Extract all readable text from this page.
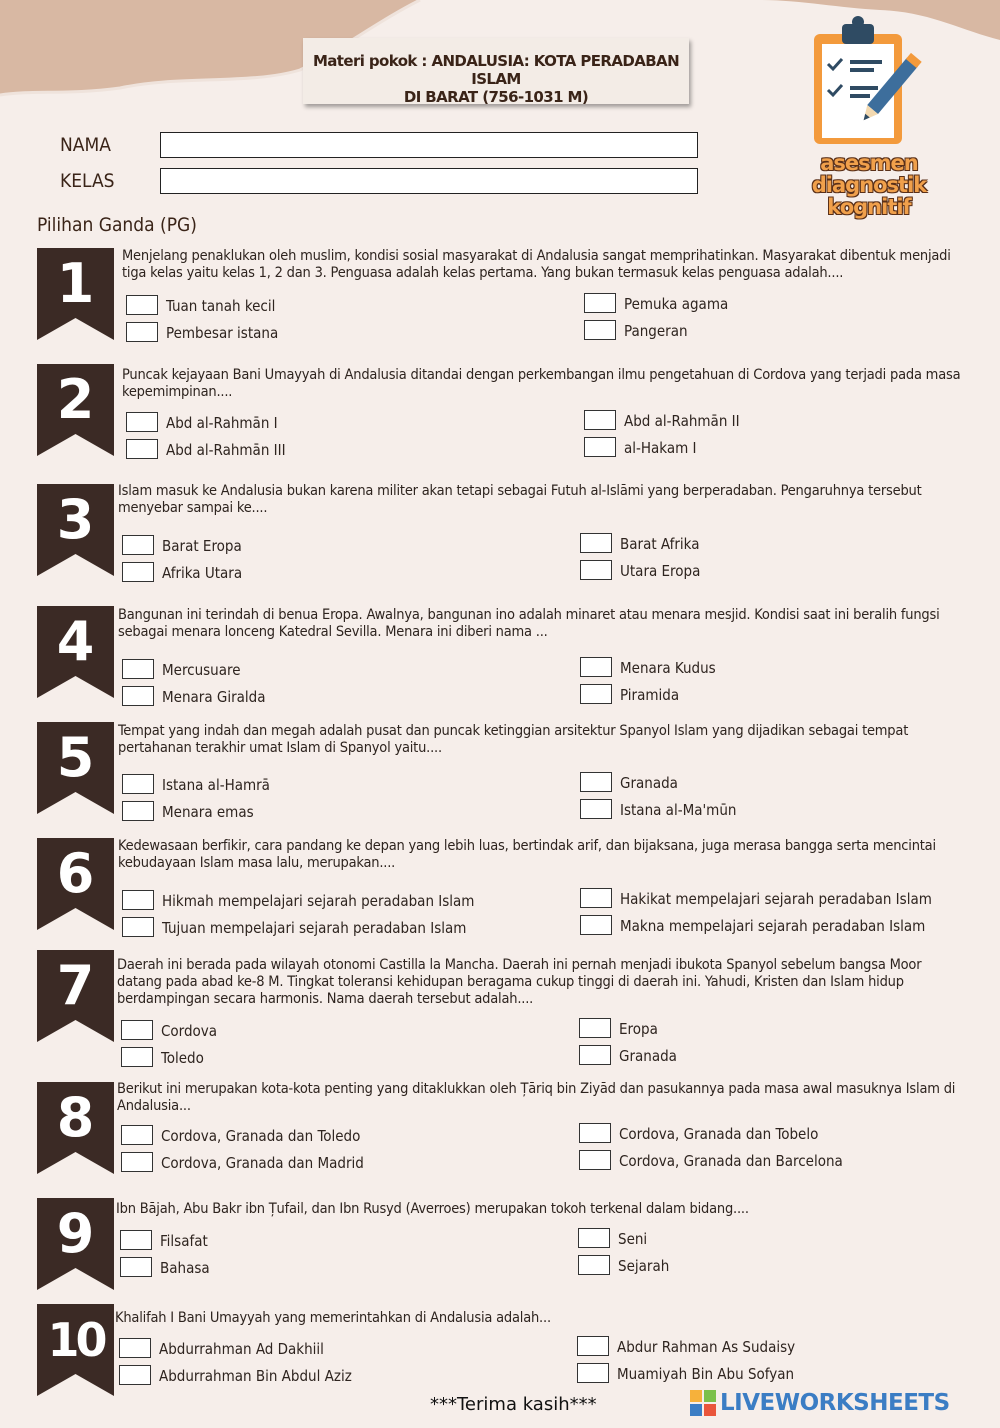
Materi pokok : ANDALUSIA: KOTA PERADABAN ISLAM
DI BARAT (756-1031 M)
asesmen diagnostik
kognitif
NAMA
KELAS
Pilihan Ganda (PG)
1	Menjelang penaklukan oleh muslim, kondisi sosial masyarakat di Andalusia sangat memprihatinkan. Masyarakat dibentuk menjadi tiga kelas yaitu kelas 1, 2 dan 3. Penguasa adalah kelas pertama. Yang bukan termasuk kelas penguasa adalah....
Tuan tanah kecil	Pemuka agama
Pembesar istana	Pangeran
2	Puncak kejayaan Bani Umayyah di Andalusia ditandai dengan perkembangan ilmu pengetahuan di Cordova yang terjadi pada masa kepemimpinan....
Abd al-Rahmān I	Abd al-Rahmān II
Abd al-Rahmān III	al-Hakam I
3	Islam masuk ke Andalusia bukan karena militer akan tetapi sebagai Futuh al-Islāmi yang berperadaban. Pengaruhnya tersebut menyebar sampai ke....
Barat Eropa	Barat Afrika
Afrika Utara	Utara Eropa
4	Bangunan ini terindah di benua Eropa. Awalnya, bangunan ino adalah minaret atau menara mesjid. Kondisi saat ini beralih fungsi sebagai menara lonceng Katedral Sevilla. Menara ini diberi nama ...
Mercusuare	Menara Kudus
Menara Giralda	Piramida
5	Tempat yang indah dan megah adalah pusat dan puncak ketinggian arsitektur Spanyol Islam yang dijadikan sebagai tempat pertahanan terakhir umat Islam di Spanyol yaitu....
Istana al-Hamrā	Granada
Menara emas	Istana al-Ma'mūn
6	Kedewasaan berfikir, cara pandang ke depan yang lebih luas, bertindak arif, dan bijaksana, juga merasa bangga serta mencintai kebudayaan Islam masa lalu, merupakan....
Hikmah mempelajari sejarah peradaban Islam	Hakikat mempelajari sejarah peradaban Islam
Tujuan mempelajari sejarah peradaban Islam	Makna mempelajari sejarah peradaban Islam
7	Daerah ini berada pada wilayah otonomi Castilla la Mancha. Daerah ini pernah menjadi ibukota Spanyol sebelum bangsa Moor datang pada abad ke-8 M. Tingkat toleransi kehidupan beragama cukup tinggi di daerah ini. Yahudi, Kristen dan Islam hidup berdampingan secara harmonis. Nama daerah tersebut adalah....
Cordova	Eropa
Toledo	Granada
8	Berikut ini merupakan kota-kota penting yang ditaklukkan oleh Țāriq bin Ziyād dan pasukannya pada masa awal masuknya Islam di Andalusia...
Cordova, Granada dan Toledo	Cordova, Granada dan Tobelo
Cordova, Granada dan Madrid	Cordova, Granada dan Barcelona
9	Ibn Bājah, Abu Bakr ibn Țufail, dan Ibn Rusyd (Averroes) merupakan tokoh terkenal dalam bidang....
Filsafat	Seni
Bahasa	Sejarah
10 Khalifah I Bani Umayyah yang memerintahkan di Andalusia adalah...
Abdurrahman Ad Dakhiil	Abdur Rahman As Sudaisy
Abdurrahman Bin Abdul Aziz	Muamiyah Bin Abu Sofyan
***Terima kasih***	LIVEWORKSHEETS
